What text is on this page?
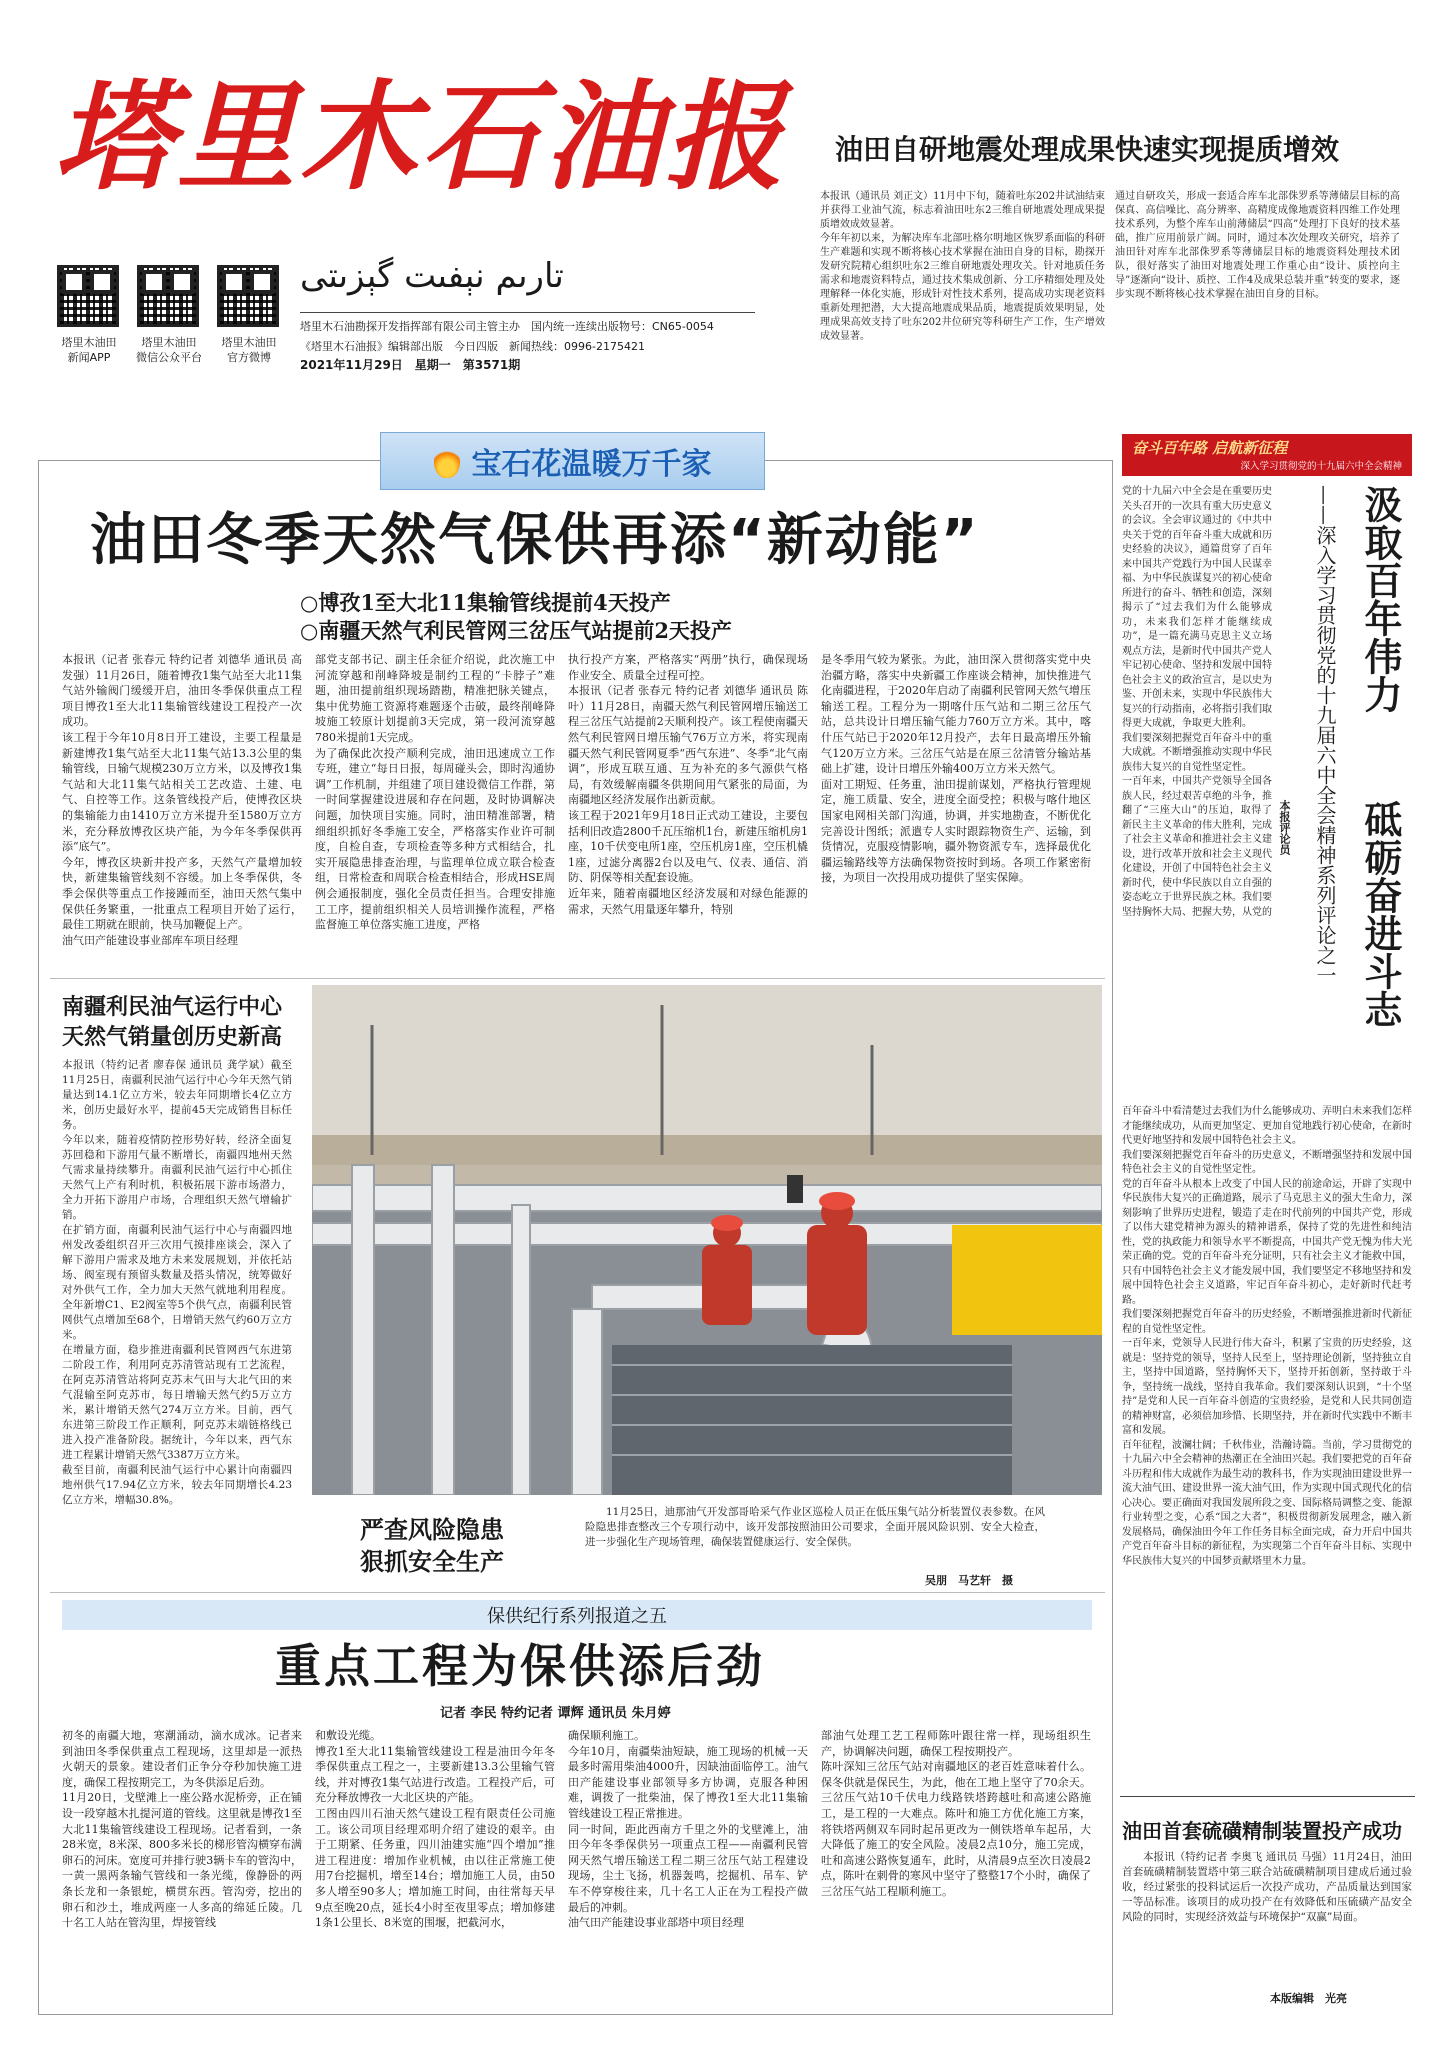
塔里木石油报
تارىم نېفىت گېزىتى
塔里木油田
新闻APP
塔里木油田
微信公众平台
塔里木油田
官方微博
塔里木石油勘探开发指挥部有限公司主管主办　 国内统一连续出版物号：CN65-0054
《塔里木石油报》编辑部出版　今日四版　新闻热线：0996-2175421
2021年11月29日　星期一　第3571期
油田自研地震处理成果快速实现提质增效
本报讯（通讯员 刘正文）11月中下旬，随着吐东202井试油结束并获得工业油气流，标志着油田吐东2三维自研地震处理成果提质增效成效显著。
今年年初以来，为解决库车北部吐格尔明地区恢罗系面临的科研生产难题和实现不断将核心技术掌握在油田自身的目标，勘探开发研究院精心组织吐东2三维自研地震处理攻关。针对地质任务需求和地震资料特点，通过技术集成创新、分工序精细处理及处理解释一体化实施，形成针对性技术系列，提高成功实现老资料重新处理把潜，大大提高地震成果品质，地震提质效果明显，处理成果高效支持了吐东202井位研究等科研生产工作，生产增效成效显著。
通过自研攻关，形成一套适合库车北部侏罗系等薄储层目标的高保真、高信噪比、高分辨率、高精度成像地震资料四维工作处理技术系列，为整个库车山前薄储层“四高”处理打下良好的技术基础，推广应用前景广阔。同时，通过本次处理攻关研究，培养了油田针对库车北部侏罗系等薄储层目标的地震资料处理技术团队，很好落实了油田对地震处理工作重心由“设计、质控向主导”逐渐向“设计、质控、工作4及成果总装并重”转变的要求，逐步实现不断将核心技术掌握在油田自身的目标。
宝石花温暖万千家
油田冬季天然气保供再添“新动能”
○博孜1至大北11集输管线提前4天投产
○南疆天然气利民管网三岔压气站提前2天投产
本报讯（记者 张春元 特约记者 刘德华 通讯员 高发强）11月26日，随着博孜1集气站至大北11集气站外输阀门缓缓开启，油田冬季保供重点工程项目博孜1至大北11集输管线建设工程投产一次成功。
该工程于今年10月8日开工建设，主要工程量是新建博孜1集气站至大北11集气站13.3公里的集输管线，日输气规模230万立方米，以及博孜1集气站和大北11集气站相关工艺改造、土建、电气、自控等工作。这条管线投产后，使博孜区块的集输能力由1410万立方米提升至1580万立方米，充分释放博孜区块产能，为今年冬季保供再添“底气”。
今年，博孜区块新井投产多，天然气产量增加较快，新建集输管线刻不容缓。加上冬季保供，冬季会保供等重点工作接踵而至，油田天然气集中保供任务繁重，一批重点工程项目开始了运行，最佳工期就在眼前，快马加鞭促上产。
油气田产能建设事业部库车项目经理
部党支部书记、副主任余征介绍说，此次施工中河流穿越和削峰降坡是制约工程的“卡脖子”难题，油田提前组织现场踏勘，精准把脉关键点，集中优势施工资源将难题逐个击破，最终削峰降坡施工较原计划提前3天完成，第一段河流穿越780米提前1天完成。
为了确保此次投产顺利完成，油田迅速成立工作专班，建立“每日日报，每周碰头会，即时沟通协调”工作机制，并组建了项目建设微信工作群，第一时间掌握建设进展和存在问题，及时协调解决问题，加快项目实施。同时，油田精准部署，精细组织抓好冬季施工安全，严格落实作业许可制度，自检自查，专项检查等多种方式相结合，扎实开展隐患排查治理，与监理单位成立联合检查组，日常检查和周联合检查相结合，形成HSE周例会通报制度，强化全员责任担当。合理安排施工工序，提前组织相关人员培训操作流程，严格监督施工单位落实施工进度，严格
执行投产方案，严格落实“两册”执行，确保现场作业安全、质量全过程可控。
本报讯（记者 张春元 特约记者 刘德华 通讯员 陈叶）11月28日，南疆天然气利民管网增压输送工程三岔压气站提前2天顺利投产。该工程使南疆天然气利民管网日增压输气76万立方米，将实现南疆天然气利民管网夏季“西气东进”、冬季“北气南调”，形成互联互通、互为补充的多气源供气格局，有效缓解南疆冬供期间用气紧张的局面，为南疆地区经济发展作出新贡献。
该工程于2021年9月18日正式动工建设，主要包括利旧改造2800千瓦压缩机1台，新建压缩机房1座，10千伏变电所1座，空压机房1座，空压机橇1座，过滤分离器2台以及电气、仪表、通信、消防、阴保等相关配套设施。
近年来，随着南疆地区经济发展和对绿色能源的需求，天然气用量逐年攀升，特别
是冬季用气较为紧张。为此，油田深入贯彻落实党中央治疆方略，落实中央新疆工作座谈会精神，加快推进气化南疆进程，于2020年启动了南疆利民管网天然气增压输送工程。工程分为一期喀什压气站和二期三岔压气站，总共设计日增压输气能力760万立方米。其中，喀什压气站已于2020年12月投产，去年日最高增压外输气120万立方米。三岔压气站是在原三岔清管分输站基础上扩建，设计日增压外输400万立方米天然气。
面对工期短、任务重，油田提前谋划，严格执行管理规定，施工质量、安全，进度全面受控；积极与喀什地区国家电网相关部门沟通，协调，并实地勘查，不断优化完善设计图纸；派遣专人实时跟踪物资生产、运输，到货情况，克服疫情影响，疆外物资派专车，选择最优化疆运输路线等方法确保物资按时到场。各项工作紧密衔接，为项目一次投用成功提供了坚实保障。
南疆利民油气运行中心
天然气销量创历史新高
本报讯（特约记者 廖春保 通讯员 龚学斌）截至11月25日，南疆利民油气运行中心今年天然气销量达到14.1亿立方米，较去年同期增长4亿立方米，创历史最好水平，提前45天完成销售目标任务。
今年以来，随着疫情防控形势好转，经济全面复苏回稳和下游用气量不断增长，南疆四地州天然气需求量持续攀升。南疆利民油气运行中心抓住天然气上产有利时机，积极拓展下游市场潜力，全力开拓下游用户市场，合理组织天然气增输扩销。
在扩销方面，南疆利民油气运行中心与南疆四地州发改委组织召开三次用气摸排座谈会，深入了解下游用户需求及地方未来发展规划，并依托站场、阀室现有预留头数量及搭头情况，统筹做好对外供气工作，全力加大天然气就地利用程度。全年新增C1、E2阀室等5个供气点，南疆利民管网供气点增加至68个，日增销天然气约60万立方米。
在增量方面，稳步推进南疆利民管网西气东进第二阶段工作，利用阿克苏清管站现有工艺流程，在阿克苏清管站将阿克苏末气田与大北气田的来气混输至阿克苏市，每日增输天然气约5万立方米，累计增销天然气274万立方米。目前，西气东进第三阶段工作正顺利，阿克苏末端链格线已进入投产准备阶段。据统计，今年以来，西气东进工程累计增销天然气3387万立方米。
截至目前，南疆利民油气运行中心累计向南疆四地州供气17.94亿立方米，较去年同期增长4.23亿立方米，增幅30.8%。
严查风险隐患
狠抓安全生产
11月25日，迪那油气开发部哥哈采气作业区巡检人员正在低压集气站分析装置仪表参数。在风险隐患排查整改三个专项行动中，该开发部按照油田公司要求，全面开展风险识别、安全大检查，进一步强化生产现场管理，确保装置健康运行、安全保供。
吴朋　马艺轩　摄
保供纪行系列报道之五
重点工程为保供添后劲
记者 李民 特约记者 谭辉 通讯员 朱月婷
初冬的南疆大地，寒潮涌动，滴水成冰。记者来到油田冬季保供重点工程现场，这里却是一派热火朝天的景象。建设者们正争分夺秒加快施工进度，确保工程按期完工，为冬供添足后劲。
11月20日，戈壁滩上一座公路水泥桥旁，正在铺设一段穿越木扎提河道的管线。这里就是博孜1至大北11集输管线建设工程现场。记者看到，一条28米宽，8米深、800多米长的梯形管沟横穿布满卵石的河床。宽度可并排行驶3辆卡车的管沟中，一黄一黑两条输气管线和一条光缆，像静卧的两条长龙和一条银蛇，横贯东西。管沟旁，挖出的卵石和沙土，堆成两座一人多高的绵延丘陵。几十名工人站在管沟里，焊接管线
和敷设光缆。
博孜1至大北11集输管线建设工程是油田今年冬季保供重点工程之一，主要新建13.3公里输气管线，并对博孜1集气站进行改造。工程投产后，可充分释放博孜一大北区块的产能。
工图由四川石油天然气建设工程有限责任公司施工。该公司项目经理邓明介绍了建设的艰辛。由于工期紧、任务重，四川油建实施“四个增加”推进工程进度：增加作业机械，由以往正常施工使用7台挖掘机，增至14台；增加施工人员，由50多人增至90多人；增加施工时间，由往常每天早9点至晚20点，延长4小时至夜里零点；增加修建1条1公里长、8米宽的围堰，把截河水，
确保顺利施工。
今年10月，南疆柴油短缺，施工现场的机械一天最多时需用柴油4000升，因缺油面临停工。油气田产能建设事业部领导多方协调，克服各种困难，调拨了一批柴油，保了博孜1至大北11集输管线建设工程正常推进。
同一时间，距此西南方千里之外的戈壁滩上，油田今年冬季保供另一项重点工程——南疆利民管网天然气增压输送工程二期三岔压气站工程建设现场，尘土飞扬，机器轰鸣，挖掘机、吊车、铲车不停穿梭往来，几十名工人正在为工程投产做最后的冲刺。
油气田产能建设事业部塔中项目经理
部油气处理工艺工程师陈叶跟往常一样，现场组织生产，协调解决问题，确保工程按期投产。
陈叶深知三岔压气站对南疆地区的老百姓意味着什么。保冬供就是保民生，为此，他在工地上坚守了70余天。三岔压气站10千伏电力线路铁塔跨越吐和高速公路施工，是工程的一大难点。陈叶和施工方优化施工方案，将铁塔两侧双车同时起吊更改为一侧铁塔单车起吊，大大降低了施工的安全风险。凌晨2点10分，施工完成，吐和高速公路恢复通车，此时，从清晨9点至次日凌晨2点，陈叶在刺骨的寒风中坚守了整整17个小时，确保了三岔压气站工程顺利施工。
奋斗百年路 启航新征程
深入学习贯彻党的十九届六中全会精神
汲取百年伟力
砥砺奋进斗志
——深入学习贯彻党的十九届六中全会精神系列评论之一
本报评论员
党的十九届六中全会是在重要历史关头召开的一次具有重大历史意义的会议。全会审议通过的《中共中央关于党的百年奋斗重大成就和历史经验的决议》，通篇贯穿了百年来中国共产党践行为中国人民谋幸福、为中华民族谋复兴的初心使命所进行的奋斗、牺牲和创造，深刻揭示了“过去我们为什么能够成功，未来我们怎样才能继续成功”，是一篇充满马克思主义立场观点方法，是新时代中国共产党人牢记初心使命、坚持和发展中国特色社会主义的政治宣言，是以史为鉴、开创未来，实现中华民族伟大复兴的行动指南，必将指引我们取得更大成就，争取更大胜利。
我们要深刻把握党百年奋斗中的重大成就。不断增强推动实现中华民族伟大复兴的自觉性坚定性。
一百年来，中国共产党领导全国各族人民，经过艰苦卓绝的斗争，推翻了“三座大山”的压迫，取得了新民主主义革命的伟大胜利，完成了社会主义革命和推进社会主义建设，进行改革开放和社会主义现代化建设，开创了中国特色社会主义新时代，使中华民族以自立自强的姿态屹立于世界民族之林。我们要坚持胸怀大局、把握大势，从党的
百年奋斗中看清楚过去我们为什么能够成功、弄明白未来我们怎样才能继续成功，从而更加坚定、更加自觉地践行初心使命，在新时代更好地坚持和发展中国特色社会主义。
我们要深刻把握党百年奋斗的历史意义，不断增强坚持和发展中国特色社会主义的自觉性坚定性。
党的百年奋斗从根本上改变了中国人民的前途命运，开辟了实现中华民族伟大复兴的正确道路，展示了马克思主义的强大生命力，深刻影响了世界历史进程，锻造了走在时代前列的中国共产党，形成了以伟大建党精神为源头的精神谱系，保持了党的先进性和纯洁性，党的执政能力和领导水平不断提高，中国共产党无愧为伟大光荣正确的党。党的百年奋斗充分证明，只有社会主义才能救中国，只有中国特色社会主义才能发展中国，我们要坚定不移地坚持和发展中国特色社会主义道路，牢记百年奋斗初心，走好新时代赶考路。
我们要深刻把握党百年奋斗的历史经验，不断增强推进新时代新征程的自觉性坚定性。
一百年来，党领导人民进行伟大奋斗，积累了宝贵的历史经验，这就是：坚持党的领导，坚持人民至上，坚持理论创新，坚持独立自主，坚持中国道路，坚持胸怀天下，坚持开拓创新，坚持敢于斗争，坚持统一战线，坚持自我革命。我们要深刻认识到，“十个坚持”是党和人民一百年奋斗创造的宝贵经验，是党和人民共同创造的精神财富，必须倍加珍惜、长期坚持，并在新时代实践中不断丰富和发展。
百年征程，波澜壮阔；千秋伟业，浩瀚诗篇。当前，学习贯彻党的十九届六中全会精神的热潮正在全油田兴起。我们要把党的百年奋斗历程和伟大成就作为最生动的教科书，作为实现油田建设世界一流大油气田、建设世界一流大油气田，作为实现中国式现代化的信心决心。要正确面对我国发展所段之变、国际格局调整之变、能源行业转型之变，心系“国之大者”，积极贯彻新发展理念，融入新发展格局，确保油田今年工作任务目标全面完成，奋力开启中国共产党百年奋斗目标的新征程，为实现第二个百年奋斗目标、实现中华民族伟大复兴的中国梦贡献塔里木力量。
油田首套硫磺精制装置投产成功
本报讯（特约记者 李奥飞 通讯员 马强）11月24日，油田首套硫磺精制装置塔中第三联合站硫磺精制项目建成后通过验收，经过紧张的投料试运后一次投产成功，产品质量达到国家一等品标准。该项目的成功投产在有效降低和压硫磺产品安全风险的同时，实现经济效益与环境保护“双赢”局面。
本版编辑　光亮
